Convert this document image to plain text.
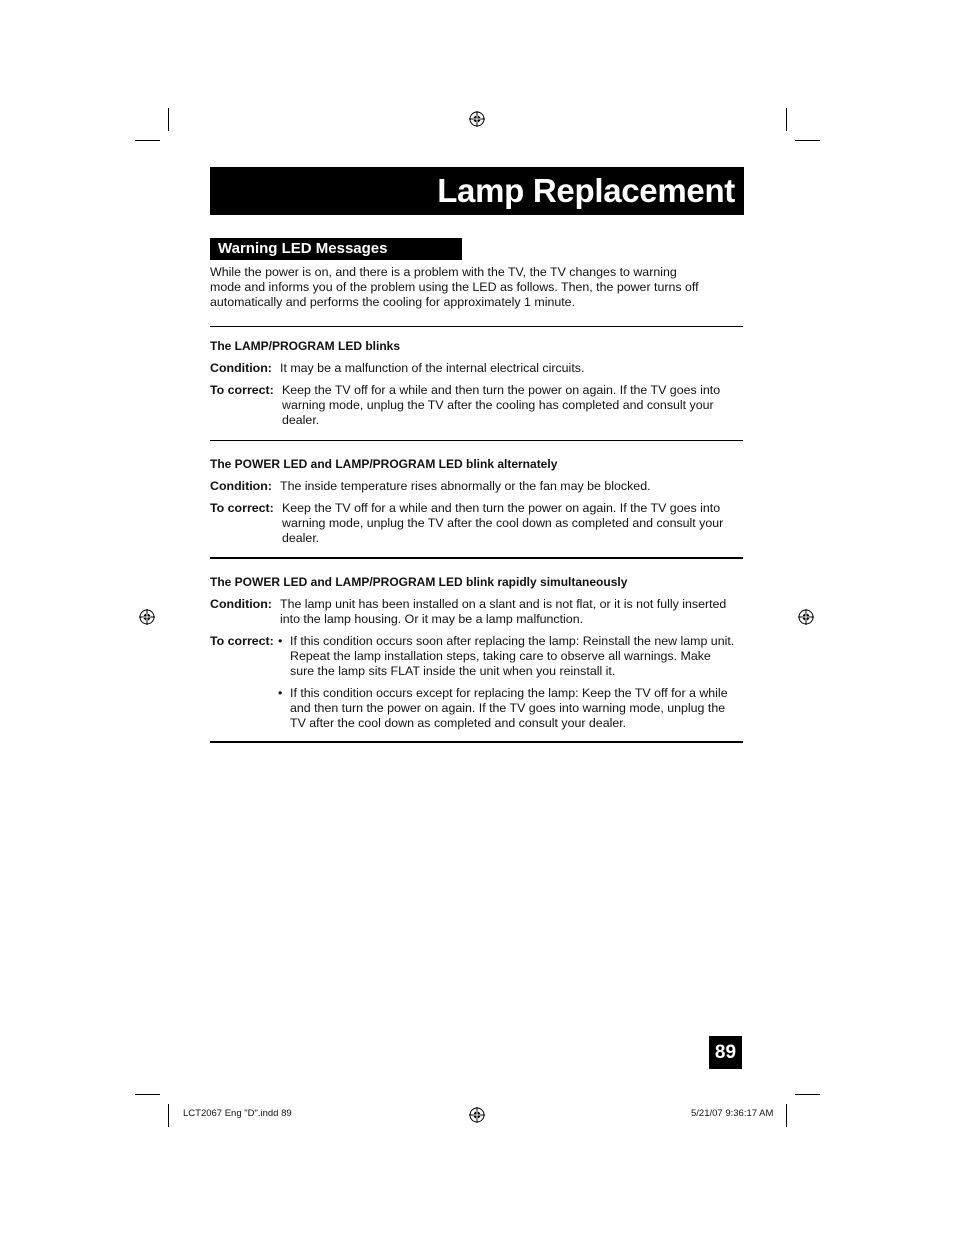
Lamp Replacement
Warning LED Messages
While the power is on, and there is a problem with the TV, the TV changes to warning
mode and informs you of the problem using the LED as follows. Then, the power turns off
automatically and performs the cooling for approximately 1 minute.
The LAMP/PROGRAM LED blinks
Condition: It may be a malfunction of the internal electrical circuits.
To correct: Keep the TV off for a while and then turn the power on again. If the TV goes into
warning mode, unplug the TV after the cooling has completed and consult your
dealer.
The POWER LED and LAMP/PROGRAM LED blink alternately
Condition: The inside temperature rises abnormally or the fan may be blocked.
To correct: Keep the TV off for a while and then turn the power on again. If the TV goes into
warning mode, unplug the TV after the cool down as completed and consult your
dealer.
The POWER LED and LAMP/PROGRAM LED blink rapidly simultaneously
Condition: The lamp unit has been installed on a slant and is not flat, or it is not fully inserted
into the lamp housing. Or it may be a lamp malfunction.
To correct: • If this condition occurs soon after replacing the lamp: Reinstall the new lamp unit.
Repeat the lamp installation steps, taking care to observe all warnings. Make
sure the lamp sits FLAT inside the unit when you reinstall it.
• If this condition occurs except for replacing the lamp: Keep the TV off for a while
and then turn the power on again. If the TV goes into warning mode, unplug the
TV after the cool down as completed and consult your dealer.
89
LCT2067 Eng "D".indd 89	5/21/07 9:36:17 AM
